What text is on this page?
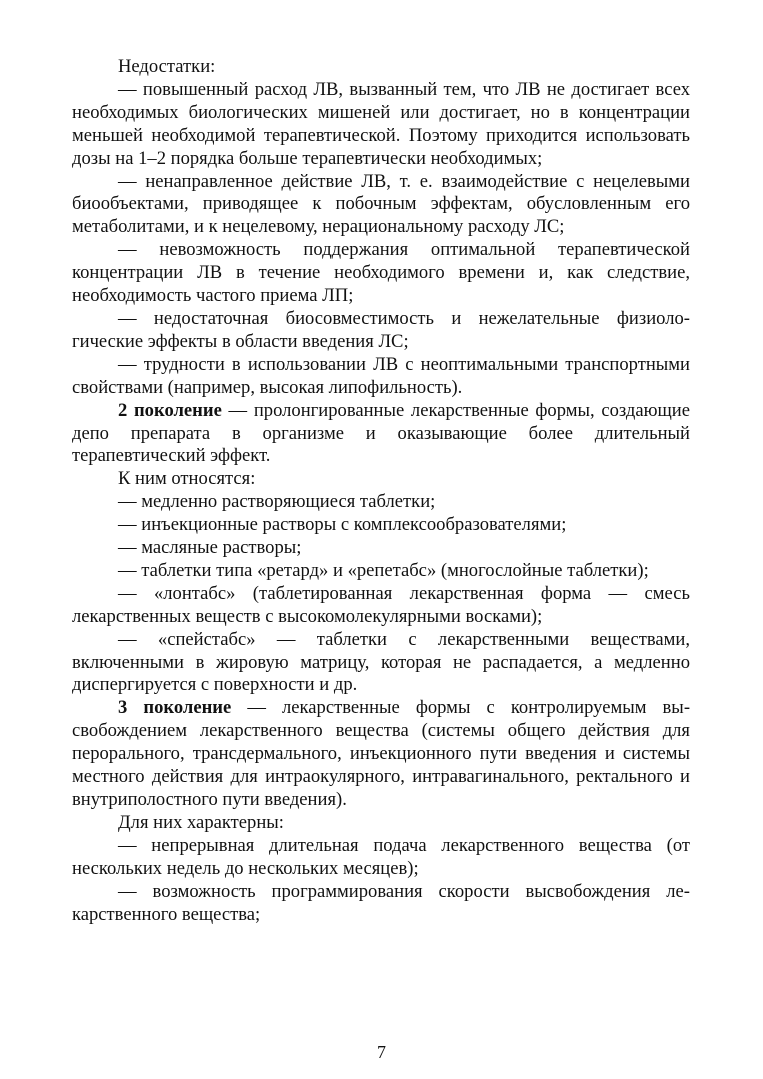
Недостатки:

— повышенный расход ЛВ, вызванный тем, что ЛВ не достигает всех необходимых биологических мишеней или достигает, но в концентрации меньшей необходимой терапевтической. Поэтому приходится использовать дозы на 1–2 порядка больше терапевтически необходимых;

— ненаправленное действие ЛВ, т. е. взаимодействие с нецелевыми биообъектами, приводящее к побочным эффектам, обусловленным его метаболитами, и к нецелевому, нерациональному расходу ЛС;

— невозможность поддержания оптимальной терапевтической концентрации ЛВ в течение необходимого времени и, как следствие, необходимость частого приема ЛП;

— недостаточная биосовместимость и нежелательные физиологические эффекты в области введения ЛС;

— трудности в использовании ЛВ с неоптимальными транспортными свойствами (например, высокая липофильность).

2 поколение — пролонгированные лекарственные формы, создающие депо препарата в организме и оказывающие более длительный терапевтический эффект.

К ним относятся:

— медленно растворяющиеся таблетки;

— инъекционные растворы с комплексообразователями;

— масляные растворы;

— таблетки типа «ретард» и «репетабс» (многослойные таблетки);

— «лонтабс» (таблетированная лекарственная форма — смесь лекарственных веществ с высокомолекулярными восками);

— «спейстабс» — таблетки с лекарственными веществами, включенными в жировую матрицу, которая не распадается, а медленно диспергируется с поверхности и др.

3 поколение — лекарственные формы с контролируемым высвобождением лекарственного вещества (системы общего действия для перорального, трансдермального, инъекционного пути введения и системы местного действия для интраокулярного, интравагинального, ректального и внутриполостного пути введения).

Для них характерны:

— непрерывная длительная подача лекарственного вещества (от нескольких недель до нескольких месяцев);

— возможность программирования скорости высвобождения лекарственного вещества;

7
